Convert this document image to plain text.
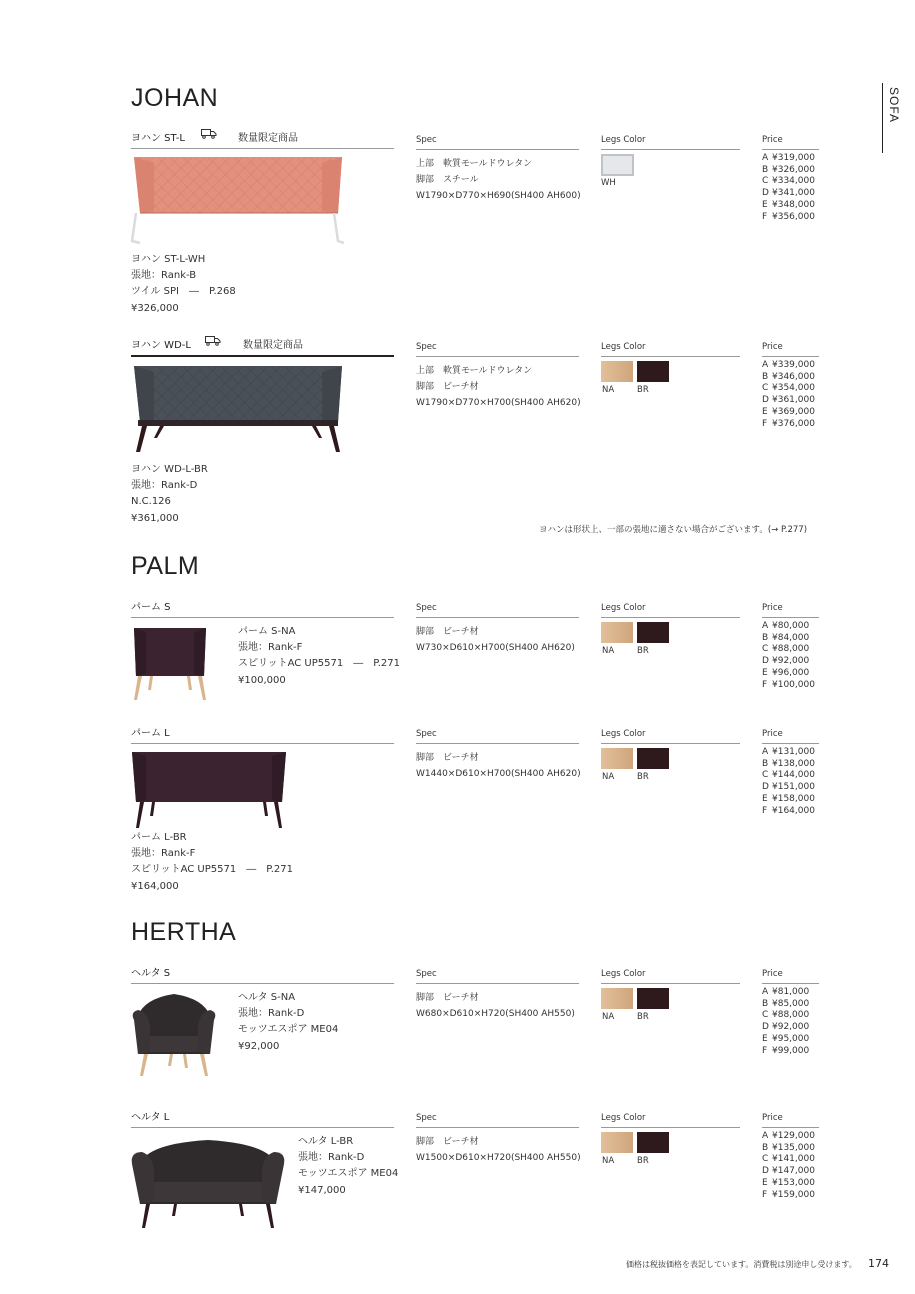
SOFA
JOHAN
ヨハン ST-L	数量限定商品	Spec	Legs Color	Price
上部　軟質モールドウレタン
脚部　スチール
W1790×D770×H690(SH400 AH600)
WH
A ¥319,000
B ¥326,000
C ¥334,000
D ¥341,000
E ¥348,000
F ¥356,000
ヨハン ST-L-WH
張地：Rank-B
ツイル SPI　―　P.268
¥326,000
ヨハン WD-L	数量限定商品	Spec	Legs Color	Price
上部　軟質モールドウレタン
脚部　ビーチ材
W1790×D770×H700(SH400 AH620)
NA	BR
A ¥339,000
B ¥346,000
C ¥354,000
D ¥361,000
E ¥369,000
F ¥376,000
ヨハン WD-L-BR
張地：Rank-D
N.C.126
¥361,000
ヨハンは形状上、一部の張地に適さない場合がございます。(→ P.277)
PALM
パーム S	Spec	Legs Color	Price
パーム S-NA
張地：Rank-F
スピリットAC UP5571　―　P.271
¥100,000
脚部　ビーチ材
W730×D610×H700(SH400 AH620)	NA	BR
A ¥80,000
B ¥84,000
C ¥88,000
D ¥92,000
E ¥96,000
F ¥100,000
パーム L	Spec	Legs Color	Price
脚部　ビーチ材
W1440×D610×H700(SH400 AH620)	NA	BR
A ¥131,000
B ¥138,000
C ¥144,000
D ¥151,000
E ¥158,000
F ¥164,000
パーム L-BR
張地：Rank-F
スピリットAC UP5571　―　P.271
¥164,000
HERTHA
ヘルタ S	Spec	Legs Color	Price
ヘルタ S-NA
張地：Rank-D
モッツエスポア ME04
¥92,000
脚部　ビーチ材
W680×D610×H720(SH400 AH550)	NA	BR
A ¥81,000
B ¥85,000
C ¥88,000
D ¥92,000
E ¥95,000
F ¥99,000
ヘルタ L	Spec	Legs Color	Price
ヘルタ L-BR
張地：Rank-D
モッツエスポア ME04
¥147,000
脚部　ビーチ材
W1500×D610×H720(SH400 AH550)	NA	BR
A ¥129,000
B ¥135,000
C ¥141,000
D ¥147,000
E ¥153,000
F ¥159,000
価格は税抜価格を表記しています。消費税は別途申し受けます。 174
